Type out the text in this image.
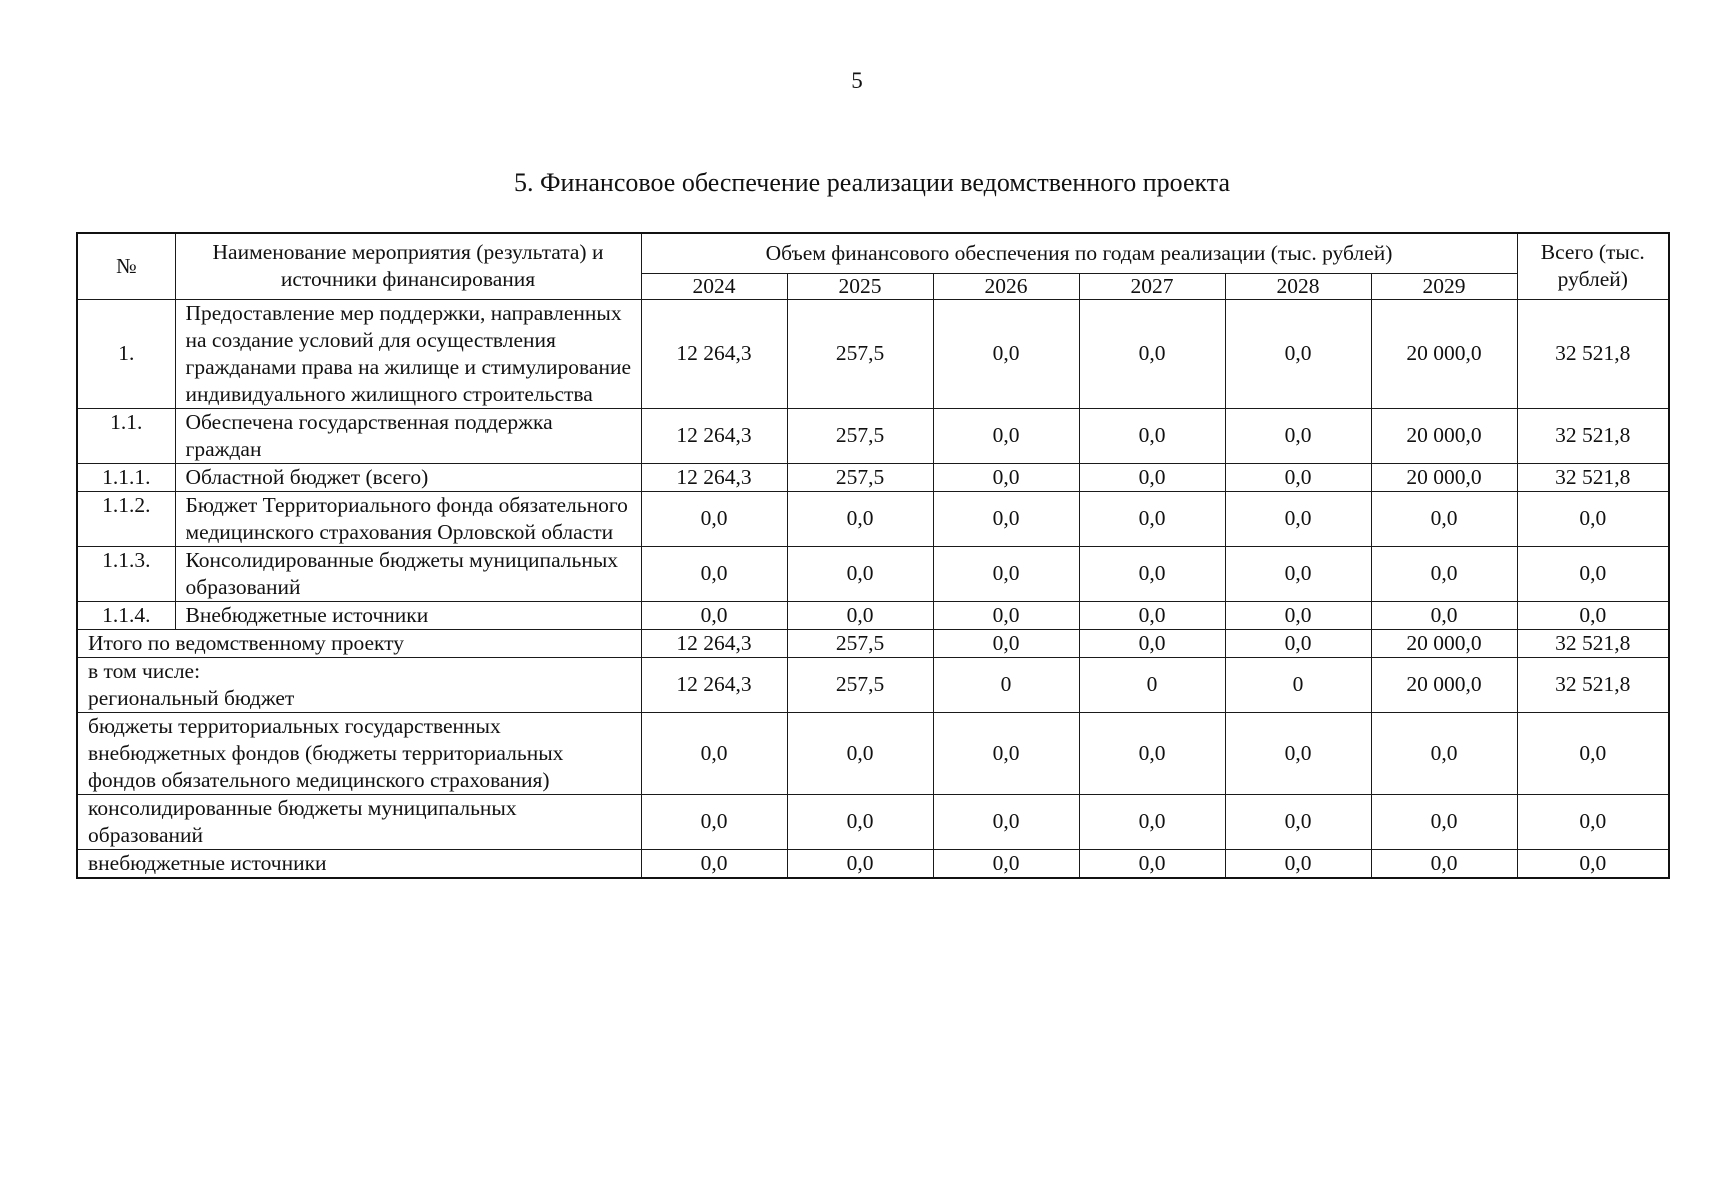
5
5. Финансовое обеспечение реализации ведомственного проекта
№	Наименование мероприятия (результата) и источники финансирования	Объем финансового обеспечения по годам реализации (тыс. рублей)						Всего (тыс. рублей)
		2024	2025	2026	2027	2028	2029	
1.	Предоставление мер поддержки, направленных на создание условий для осуществления гражданами права на жилище и стимулирование индивидуального жилищного строительства	12 264,3	257,5	0,0	0,0	0,0	20 000,0	32 521,8
1.1.	Обеспечена государственная поддержка граждан	12 264,3	257,5	0,0	0,0	0,0	20 000,0	32 521,8
1.1.1.	Областной бюджет (всего)	12 264,3	257,5	0,0	0,0	0,0	20 000,0	32 521,8
1.1.2.	Бюджет Территориального фонда обязательного медицинского страхования Орловской области	0,0	0,0	0,0	0,0	0,0	0,0	0,0
1.1.3.	Консолидированные бюджеты муниципальных образований	0,0	0,0	0,0	0,0	0,0	0,0	0,0
1.1.4.	Внебюджетные источники	0,0	0,0	0,0	0,0	0,0	0,0	0,0
Итого по ведомственному проекту		12 264,3	257,5	0,0	0,0	0,0	20 000,0	32 521,8

в том числе:
региональный бюджет		12 264,3	257,5	0	0	0	20 000,0	32 521,8
бюджеты территориальных государственных внебюджетных фондов (бюджеты территориальных фондов обязательного медицинского страхования)		0,0	0,0	0,0	0,0	0,0	0,0	0,0
консолидированные бюджеты муниципальных образований		0,0	0,0	0,0	0,0	0,0	0,0	0,0
внебюджетные источники		0,0	0,0	0,0	0,0	0,0	0,0	0,0
